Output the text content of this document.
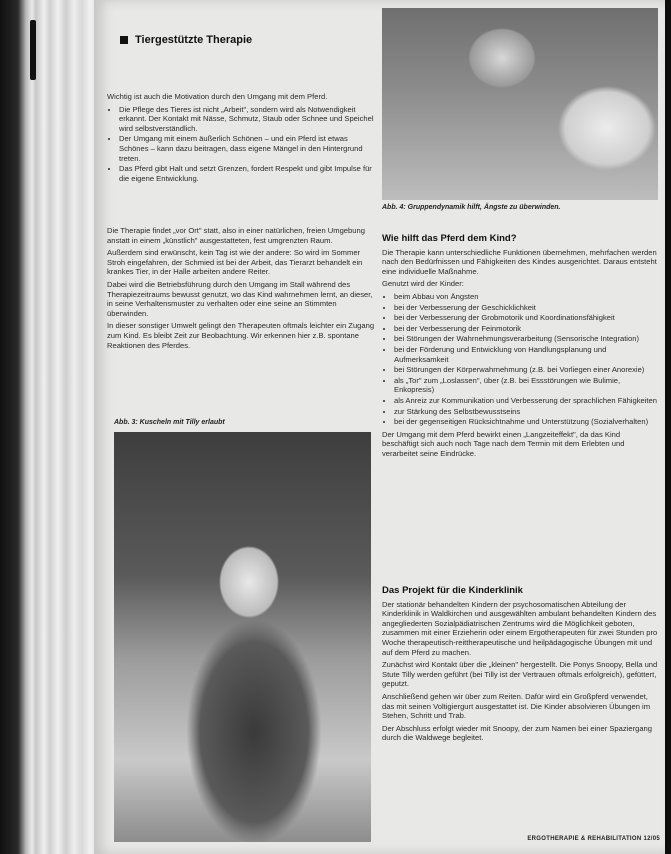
Tiergestützte Therapie

Wichtig ist auch die Motivation durch den Umgang mit dem Pferd.

• Die Pflege des Tieres ist nicht „Arbeit", sondern wird als Notwendigkeit erkannt. Der Kontakt mit Nässe, Schmutz, Staub oder Schnee und Speichel wird selbstverständlich.
• Der Umgang mit einem äußerlich Schönen – und ein Pferd ist etwas Schönes – kann dazu beitragen, dass eigene Mängel in den Hintergrund treten.
• Das Pferd gibt Halt und setzt Grenzen, fordert Respekt und gibt Impulse für die eigene Entwicklung.

Die Therapie findet „vor Ort" statt, also in einer natürlichen, freien Umgebung anstatt in einem „künstlich" ausgestatteten, fest umgrenzten Raum.

Außerdem sind erwünscht, kein Tag ist wie der andere: So wird im Sommer Stroh eingefahren, der Schmied ist bei der Arbeit, das Tierarzt behandelt ein krankes Tier, in der Halle arbeiten andere Reiter.

Dabei wird die Betriebsführung durch den Umgang im Stall während des Therapiezeitraums bewusst genutzt, wo das Kind wahrnehmen lernt, an dieser, in seine Verhaltensmuster zu verhalten oder eine seine an Stimmten überwinden.

In dieser sonstiger Umwelt gelingt den Therapeuten oftmals leichter ein Zugang zum Kind. Es bleibt Zeit zur Beobachtung. Wir erkennen hier z.B. spontane Reaktionen des Pferdes.

Abb. 3: Kuscheln mit Tilly erlaubt
Abb. 4: Gruppendynamik hilft, Ängste zu überwinden.
Wie hilft das Pferd dem Kind?

Die Therapie kann unterschiedliche Funktionen übernehmen, mehrfachen werden nach den Bedürfnissen und Fähigkeiten des Kindes ausgerichtet. Daraus entsteht eine individuelle Maßnahme.

Genutzt wird der Kinder:

• beim Abbau von Ängsten
• bei der Verbesserung der Geschicklichkeit
• bei der Verbesserung der Grobmotorik und Koordinationsfähigkeit
• bei der Verbesserung der Feinmotorik
• bei Störungen der Wahrnehmungsverarbeitung (Sensorische Integration)
• bei der Förderung und Entwicklung von Handlungsplanung und Aufmerksamkeit
• bei Störungen der Körperwahrnehmung (z.B. bei Vorliegen einer Anorexie)
• als „Tor" zum „Loslassen", über (z.B. bei Essstörungen wie Bulimie, Enkopresis)
• als Anreiz zur Kommunikation und Verbesserung der sprachlichen Fähigkeiten
• zur Stärkung des Selbstbewusstseins
• bei der gegenseitigen Rücksichtnahme und Unterstützung (Sozialverhalten)

Der Umgang mit dem Pferd bewirkt einen „Langzeiteffekt", da das Kind beschäftigt sich auch noch Tage nach dem Termin mit dem Erlebten und verarbeitet seine Eindrücke.

Das Projekt für die Kinderklinik

Der stationär behandelten Kindern der psychosomatischen Abteilung der Kinderklinik in Waldkirchen und ausgewählten ambulant behandelten Kindern des angegliederten Sozialpädiatrischen Zentrums wird die Möglichkeit geboten, zusammen mit einer Erzieherin oder einem Ergotherapeuten für zwei Stunden pro Woche therapeutisch-reittherapeutische und heilpädagogische Übungen mit und auf dem Pferd zu machen.

Zunächst wird Kontakt über die „kleinen" hergestellt. Die Ponys Snoopy, Bella und Stute Tilly werden geführt (bei Tilly ist der Vertrauen oftmals erfolgreich), gefüttert, geputzt.

Anschließend gehen wir über zum Reiten. Dafür wird ein Großpferd verwendet, das mit seinen Voltigiergurt ausgestattet ist. Die Kinder absolvieren Übungen im Stehen, Schritt und Trab.

Der Abschluss erfolgt wieder mit Snoopy, der zum Namen bei einer Spaziergang durch die Waldwege begleitet.

ERGOTHERAPIE & REHABILITATION 12/05
